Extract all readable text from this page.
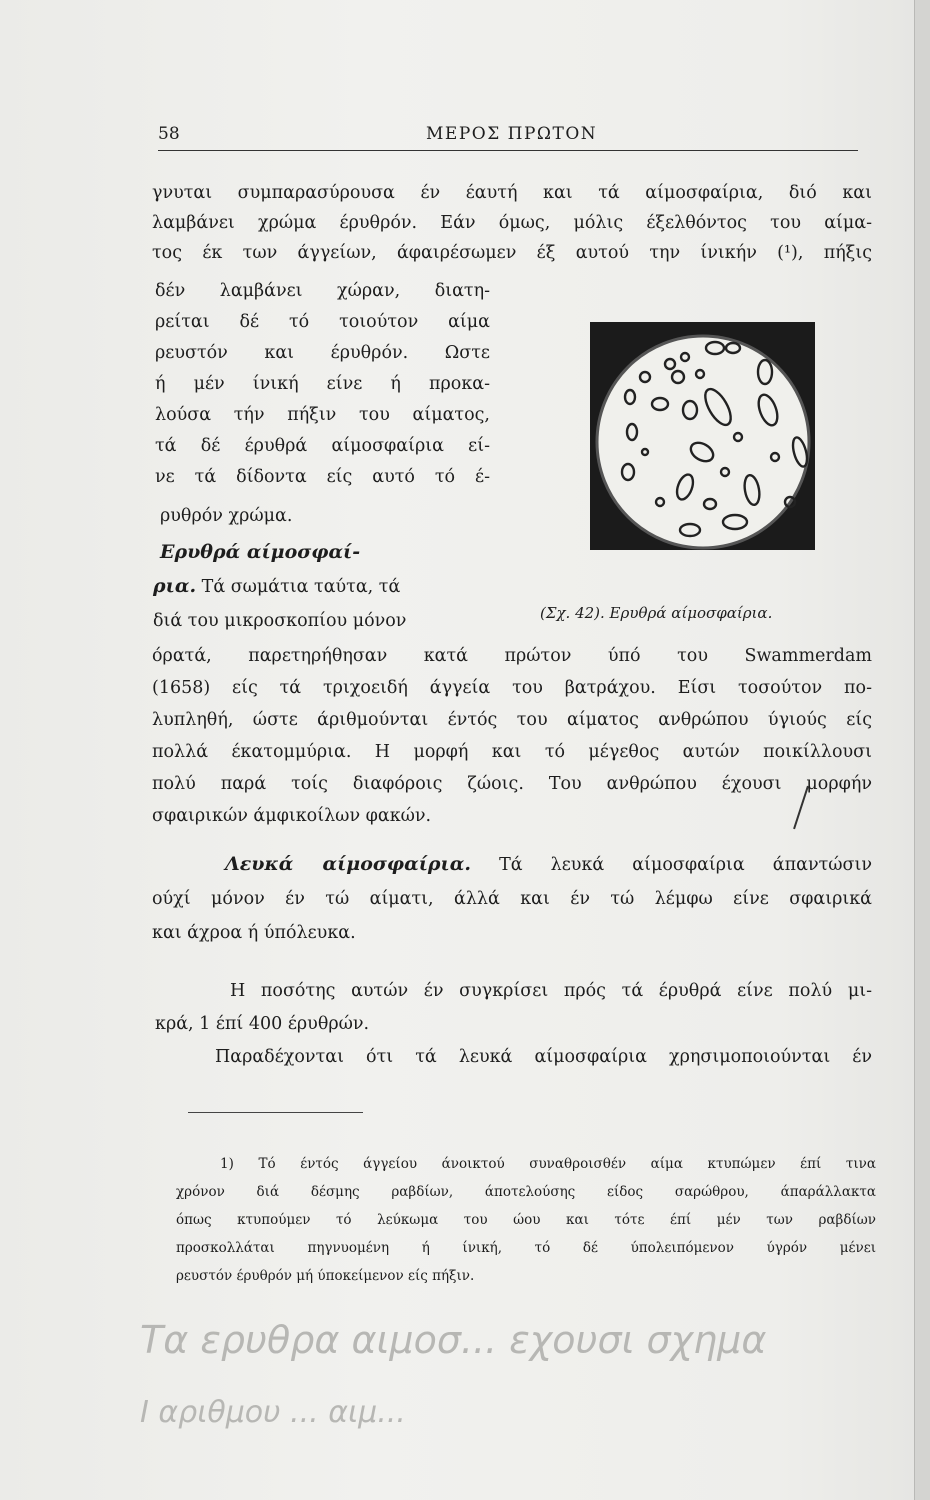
58	ΜΕΡΟΣ ΠΡΩΤΟΝ
γνυται συμπαρασύρουσα έν έαυτή και τά αίμοσφαίρια, διό και
λαμβάνει χρώμα έρυθρόν. Εάν όμως, μόλις έξελθόντος του αίμα-
τος έκ των άγγείων, άφαιρέσωμεν έξ αυτού την ίνικήν (¹), πήξις
δέν λαμβάνει χώραν, διατη-
ρείται δέ τό τοιούτον αίμα
ρευστόν και έρυθρόν. Ωστε
ή μέν ίνική είνε ή προκα-
λούσα τήν πήξιν του αίματος,
τά δέ έρυθρά αίμοσφαίρια εί-
νε τά δίδοντα είς αυτό τό έ-
ρυθρόν χρώμα.
Ερυθρά αίμοσφαί-
ρια. Τά σωμάτια ταύτα, τά
διά του μικροσκοπίου μόνον	(Σχ. 42). Ερυθρά αίμοσφαίρια.
όρατά, παρετηρήθησαν κατά πρώτον ύπό του Swammerdam
(1658) είς τά τριχοειδή άγγεία του βατράχου. Είσι τοσούτον πο-
λυπληθή, ώστε άριθμούνται έντός του αίματος ανθρώπου ύγιούς είς
πολλά έκατομμύρια. Η μορφή και τό μέγεθος αυτών ποικίλλουσι
πολύ παρά τοίς διαφόροις ζώοις. Του ανθρώπου έχουσι μορφήν
σφαιρικών άμφικοίλων φακών.
Λευκά αίμοσφαίρια. Τά λευκά αίμοσφαίρια άπαντώσιν
ούχί μόνον έν τώ αίματι, άλλά και έν τώ λέμφω είνε σφαιρικά
και άχροα ή ύπόλευκα.
Η ποσότης αυτών έν συγκρίσει πρός τά έρυθρά είνε πολύ μι-
κρά, 1 έπί 400 έρυθρών.
Παραδέχονται ότι τά λευκά αίμοσφαίρια χρησιμοποιούνται έν
1) Τό έντός άγγείου άνοικτού συναθροισθέν αίμα κτυπώμεν έπί τινα
χρόνον διά δέσμης ραβδίων, άποτελούσης είδος σαρώθρου, άπαράλλακτα
όπως κτυπούμεν τό λεύκωμα του ώου και τότε έπί μέν των ραβδίων
προσκολλάται πηγνυομένη ή ίνική, τό δέ ύπολειπόμενον ύγρόν μένει
ρευστόν έρυθρόν μή ύποκείμενον είς πήξιν.
Τα ερυθρα αιμοσ... εχουσι σχημα
Ι αριθμου ... αιμ...
